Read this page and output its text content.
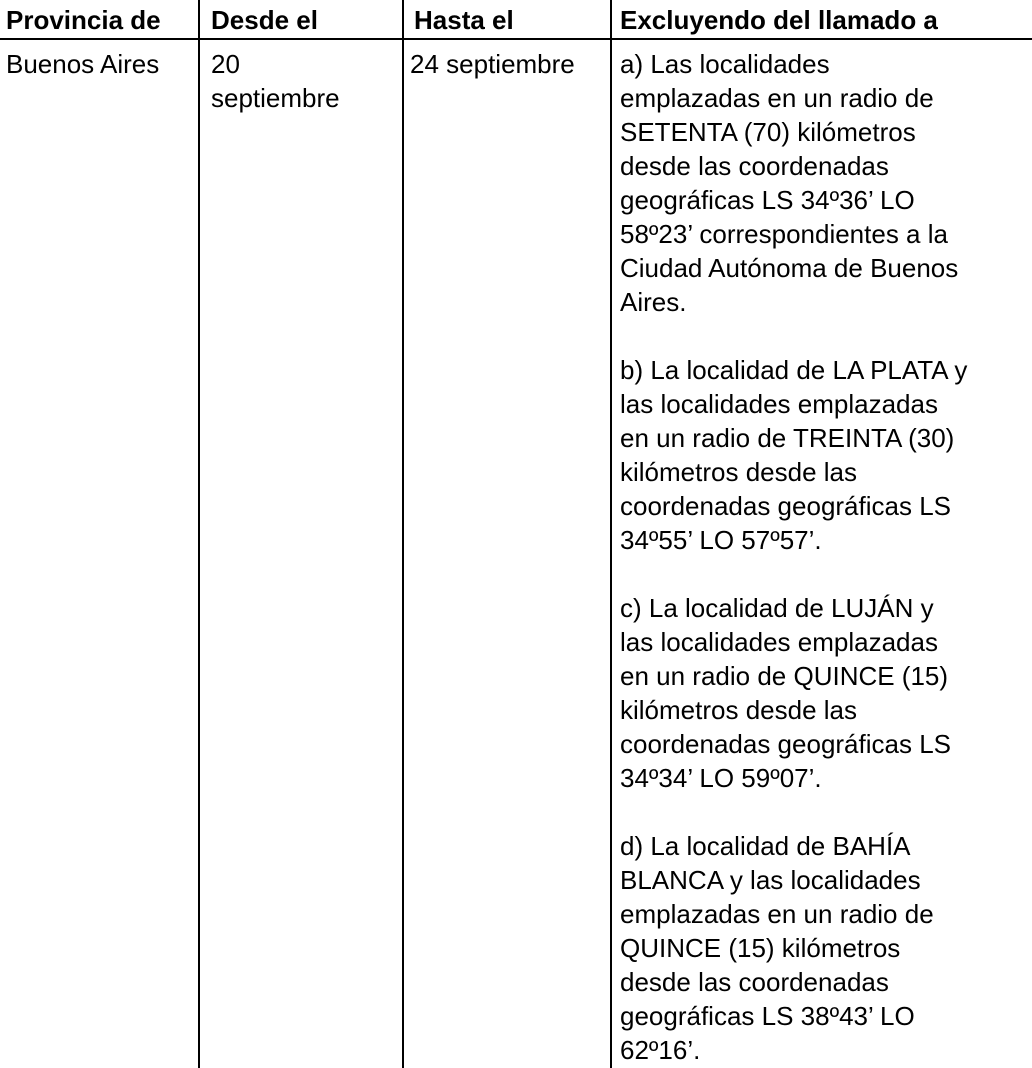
Provincia de Desde el	Hasta el	Excluyendo del llamado a
Buenos Aires 20
septiembre
24 septiembre a) Las localidades
emplazadas en un radio de
SETENTA (70) kilómetros
desde las coordenadas
geográficas LS 34º36’ LO
58º23’ correspondientes a la
Ciudad Autónoma de Buenos
Aires.
b) La localidad de LA PLATA y
las localidades emplazadas
en un radio de TREINTA (30)
kilómetros desde las
coordenadas geográficas LS
34º55’ LO 57º57’.
c) La localidad de LUJÁN y
las localidades emplazadas
en un radio de QUINCE (15)
kilómetros desde las
coordenadas geográficas LS
34º34’ LO 59º07’.
d) La localidad de BAHÍA
BLANCA y las localidades
emplazadas en un radio de
QUINCE (15) kilómetros
desde las coordenadas
geográficas LS 38º43’ LO
62º16’.
